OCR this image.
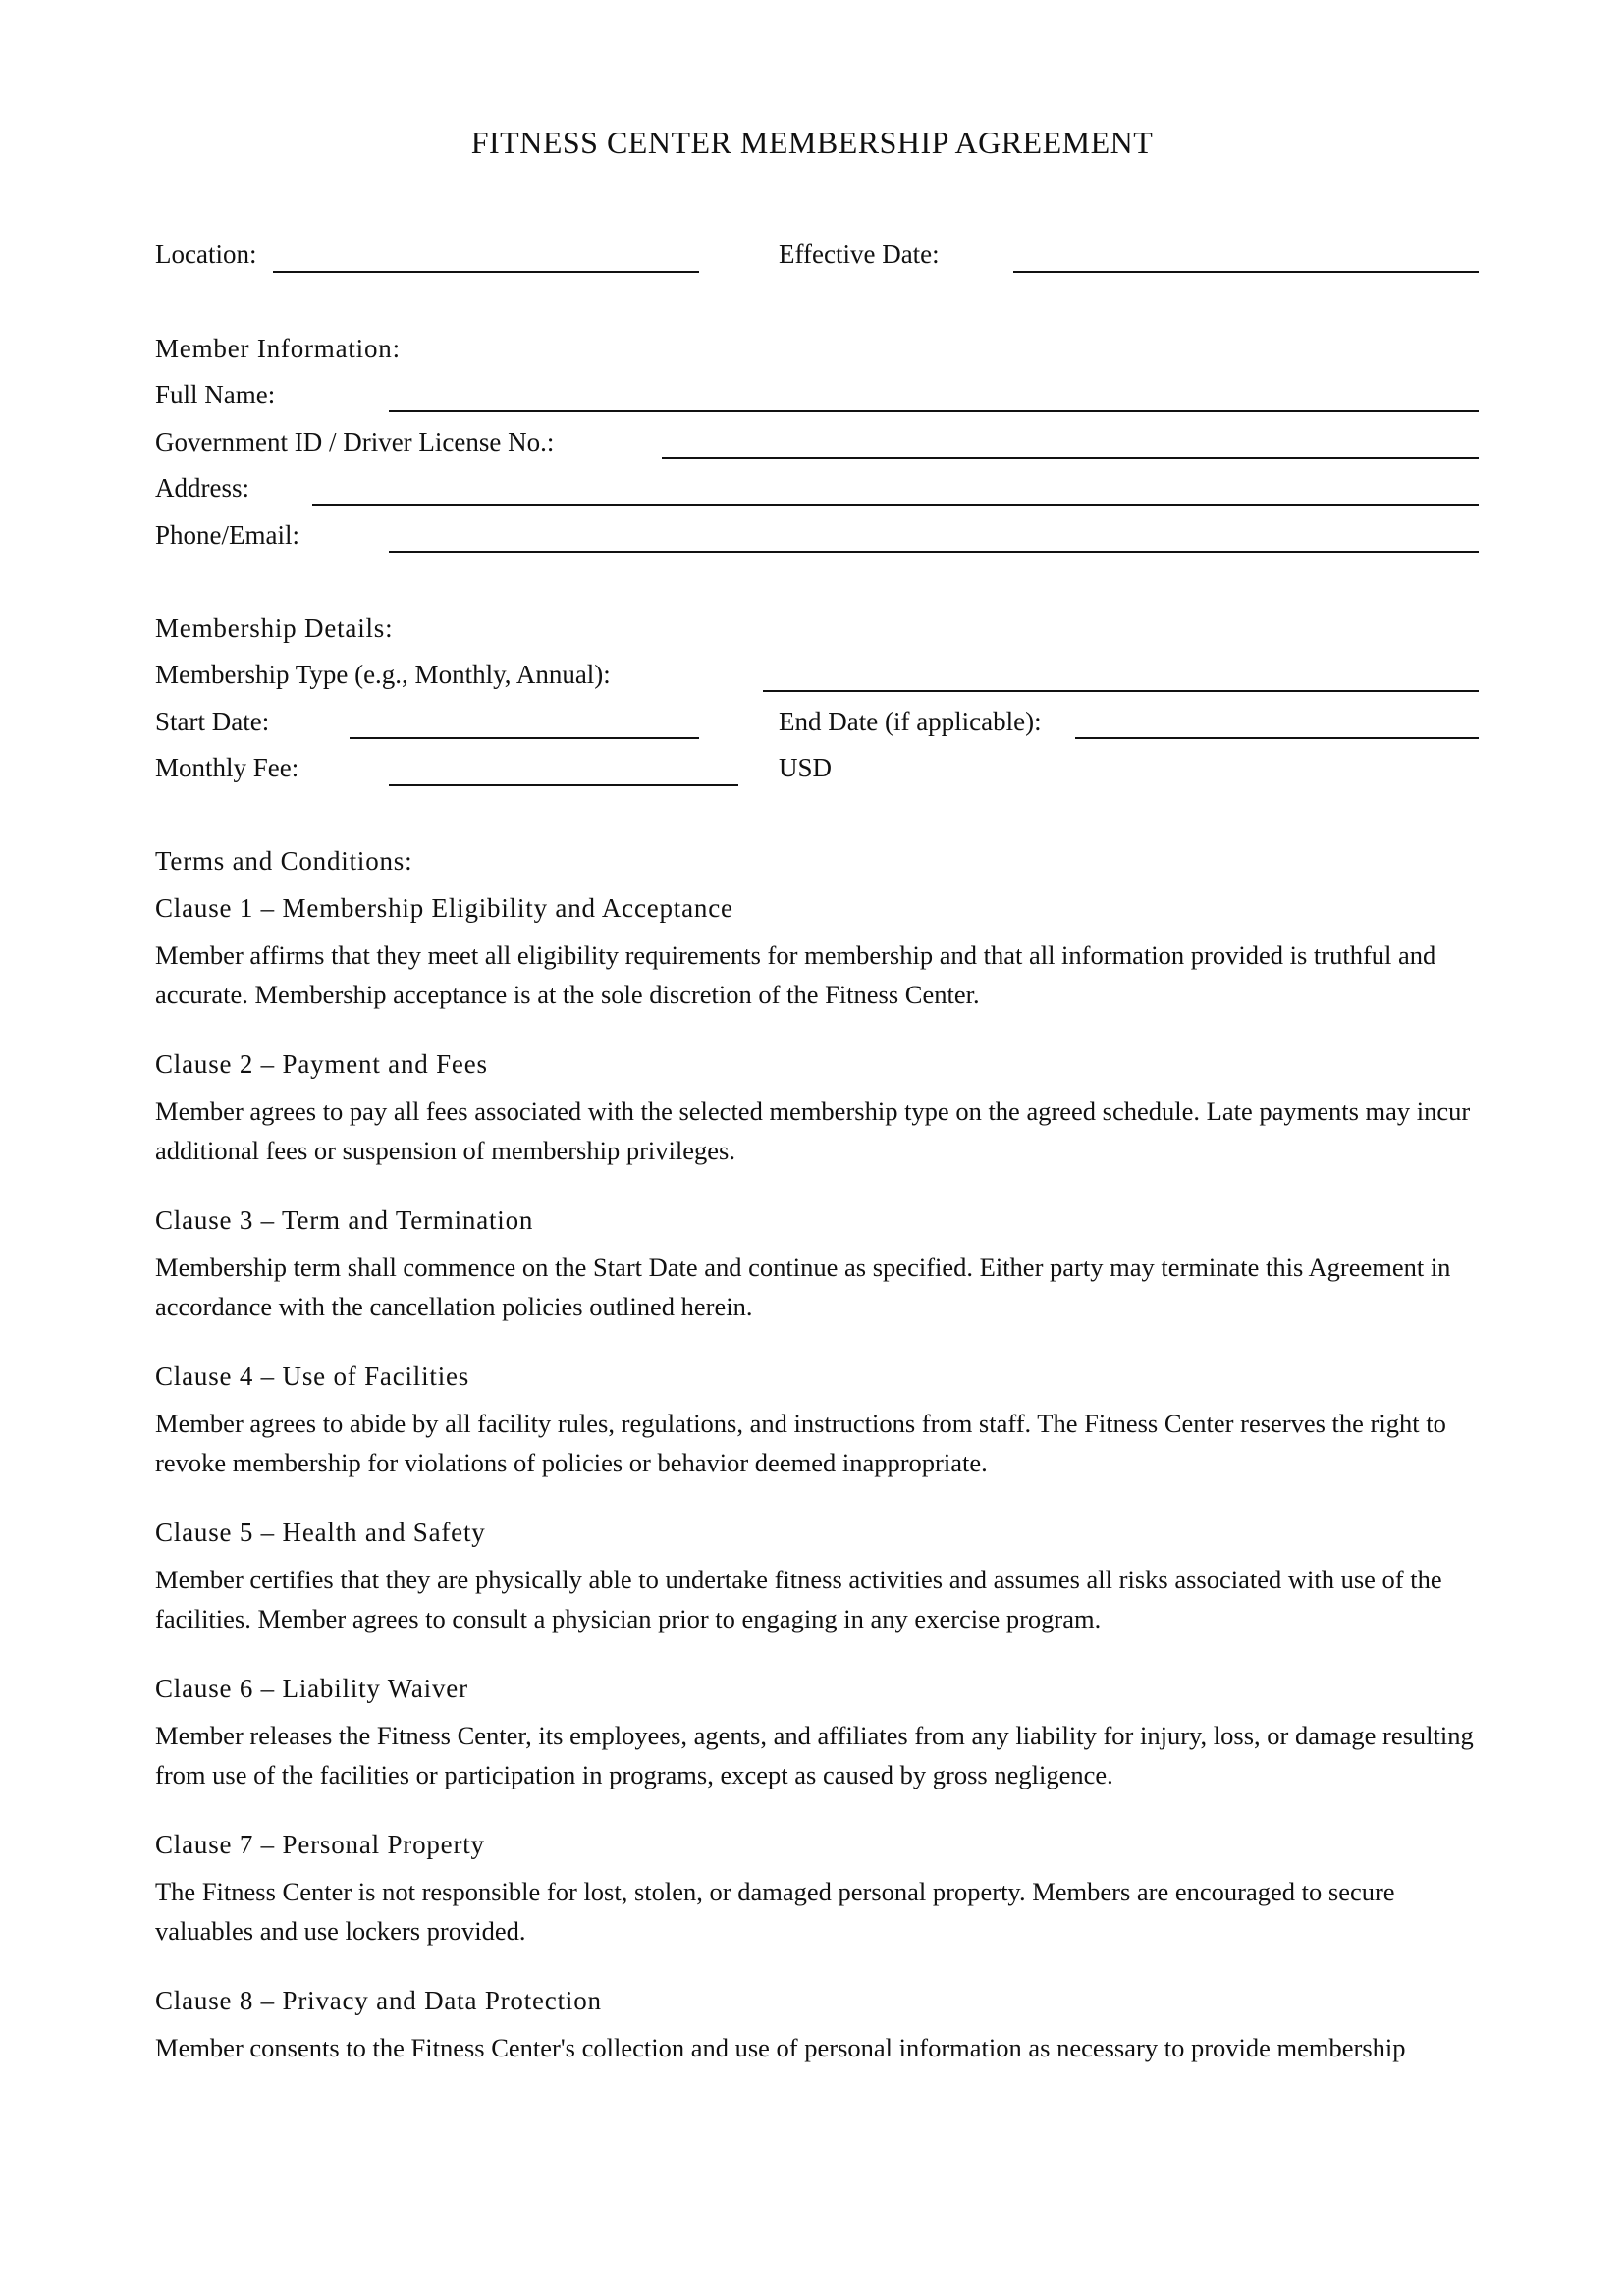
FITNESS CENTER MEMBERSHIP AGREEMENT
Location:	Effective Date:
Member Information:
Full Name:
Government ID / Driver License No.:
Address:
Phone/Email:
Membership Details:
Membership Type (e.g., Monthly, Annual):
Start Date:	End Date (if applicable):
Monthly Fee:	USD
Terms and Conditions:
Clause 1 – Membership Eligibility and Acceptance
Member affirms that they meet all eligibility requirements for membership and that all information provided is truthful and accurate. Membership acceptance is at the sole discretion of the Fitness Center.
Clause 2 – Payment and Fees
Member agrees to pay all fees associated with the selected membership type on the agreed schedule. Late payments may incur additional fees or suspension of membership privileges.
Clause 3 – Term and Termination
Membership term shall commence on the Start Date and continue as specified. Either party may terminate this Agreement in accordance with the cancellation policies outlined herein.
Clause 4 – Use of Facilities
Member agrees to abide by all facility rules, regulations, and instructions from staff. The Fitness Center reserves the right to revoke membership for violations of policies or behavior deemed inappropriate.
Clause 5 – Health and Safety
Member certifies that they are physically able to undertake fitness activities and assumes all risks associated with use of the facilities. Member agrees to consult a physician prior to engaging in any exercise program.
Clause 6 – Liability Waiver
Member releases the Fitness Center, its employees, agents, and affiliates from any liability for injury, loss, or damage resulting from use of the facilities or participation in programs, except as caused by gross negligence.
Clause 7 – Personal Property
The Fitness Center is not responsible for lost, stolen, or damaged personal property. Members are encouraged to secure valuables and use lockers provided.
Clause 8 – Privacy and Data Protection
Member consents to the Fitness Center's collection and use of personal information as necessary to provide membership
